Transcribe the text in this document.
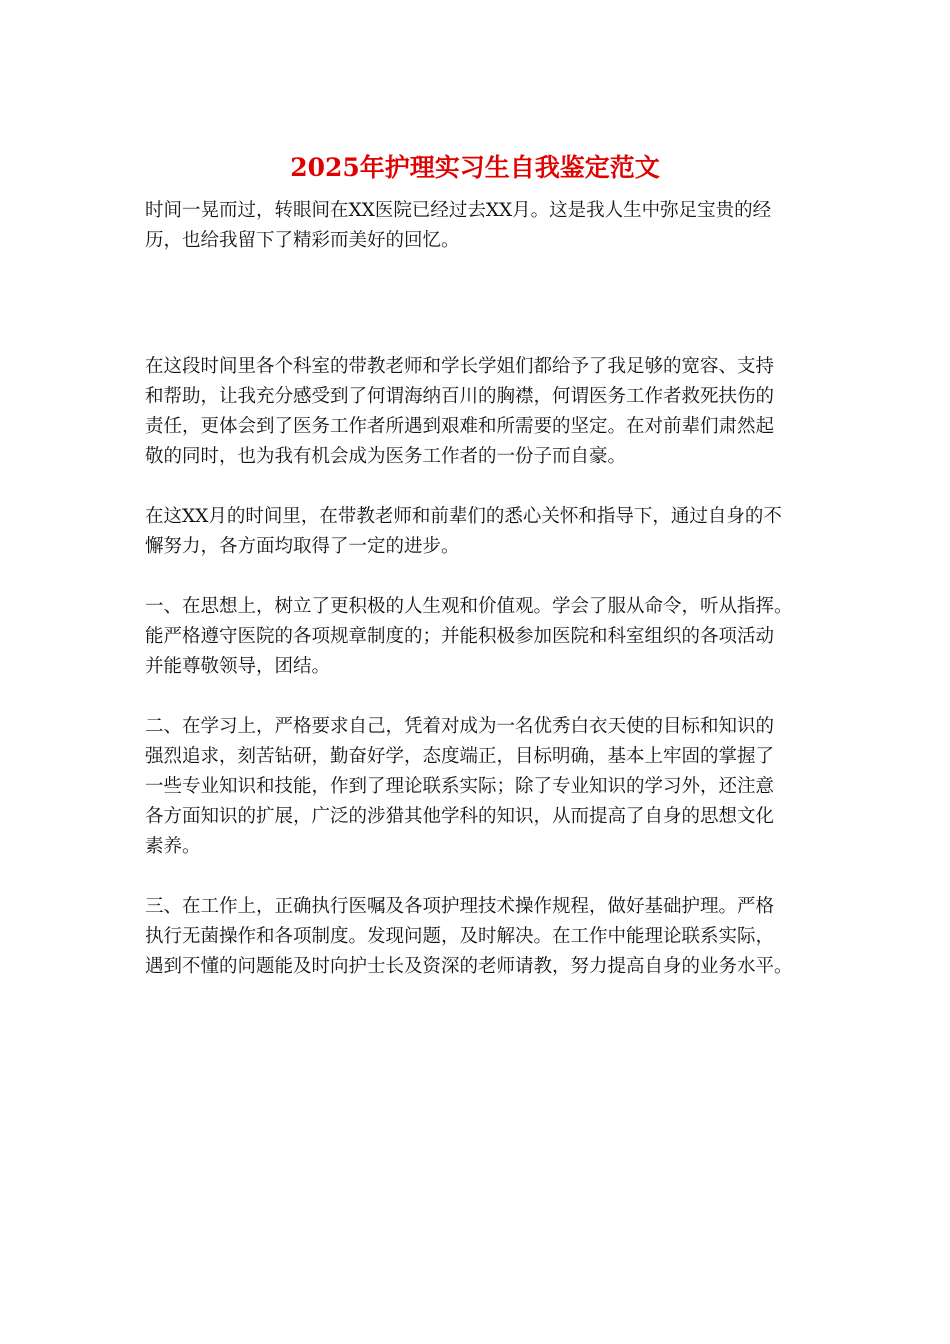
2025年护理实习生自我鉴定范文
时间一晃而过，转眼间在XX医院已经过去XX月。这是我人生中弥足宝贵的经
历，也给我留下了精彩而美好的回忆。
在这段时间里各个科室的带教老师和学长学姐们都给予了我足够的宽容、支持
和帮助，让我充分感受到了何谓海纳百川的胸襟，何谓医务工作者救死扶伤的
责任，更体会到了医务工作者所遇到艰难和所需要的坚定。在对前辈们肃然起
敬的同时，也为我有机会成为医务工作者的一份子而自豪。
在这XX月的时间里，在带教老师和前辈们的悉心关怀和指导下，通过自身的不
懈努力，各方面均取得了一定的进步。
一、在思想上，树立了更积极的人生观和价值观。学会了服从命令，听从指挥。
能严格遵守医院的各项规章制度的；并能积极参加医院和科室组织的各项活动
并能尊敬领导，团结。
二、在学习上，严格要求自己，凭着对成为一名优秀白衣天使的目标和知识的
强烈追求，刻苦钻研，勤奋好学，态度端正，目标明确，基本上牢固的掌握了
一些专业知识和技能，作到了理论联系实际；除了专业知识的学习外，还注意
各方面知识的扩展，广泛的涉猎其他学科的知识，从而提高了自身的思想文化
素养。
三、在工作上，正确执行医嘱及各项护理技术操作规程，做好基础护理。严格
执行无菌操作和各项制度。发现问题，及时解决。在工作中能理论联系实际，
遇到不懂的问题能及时向护士长及资深的老师请教，努力提高自身的业务水平。
